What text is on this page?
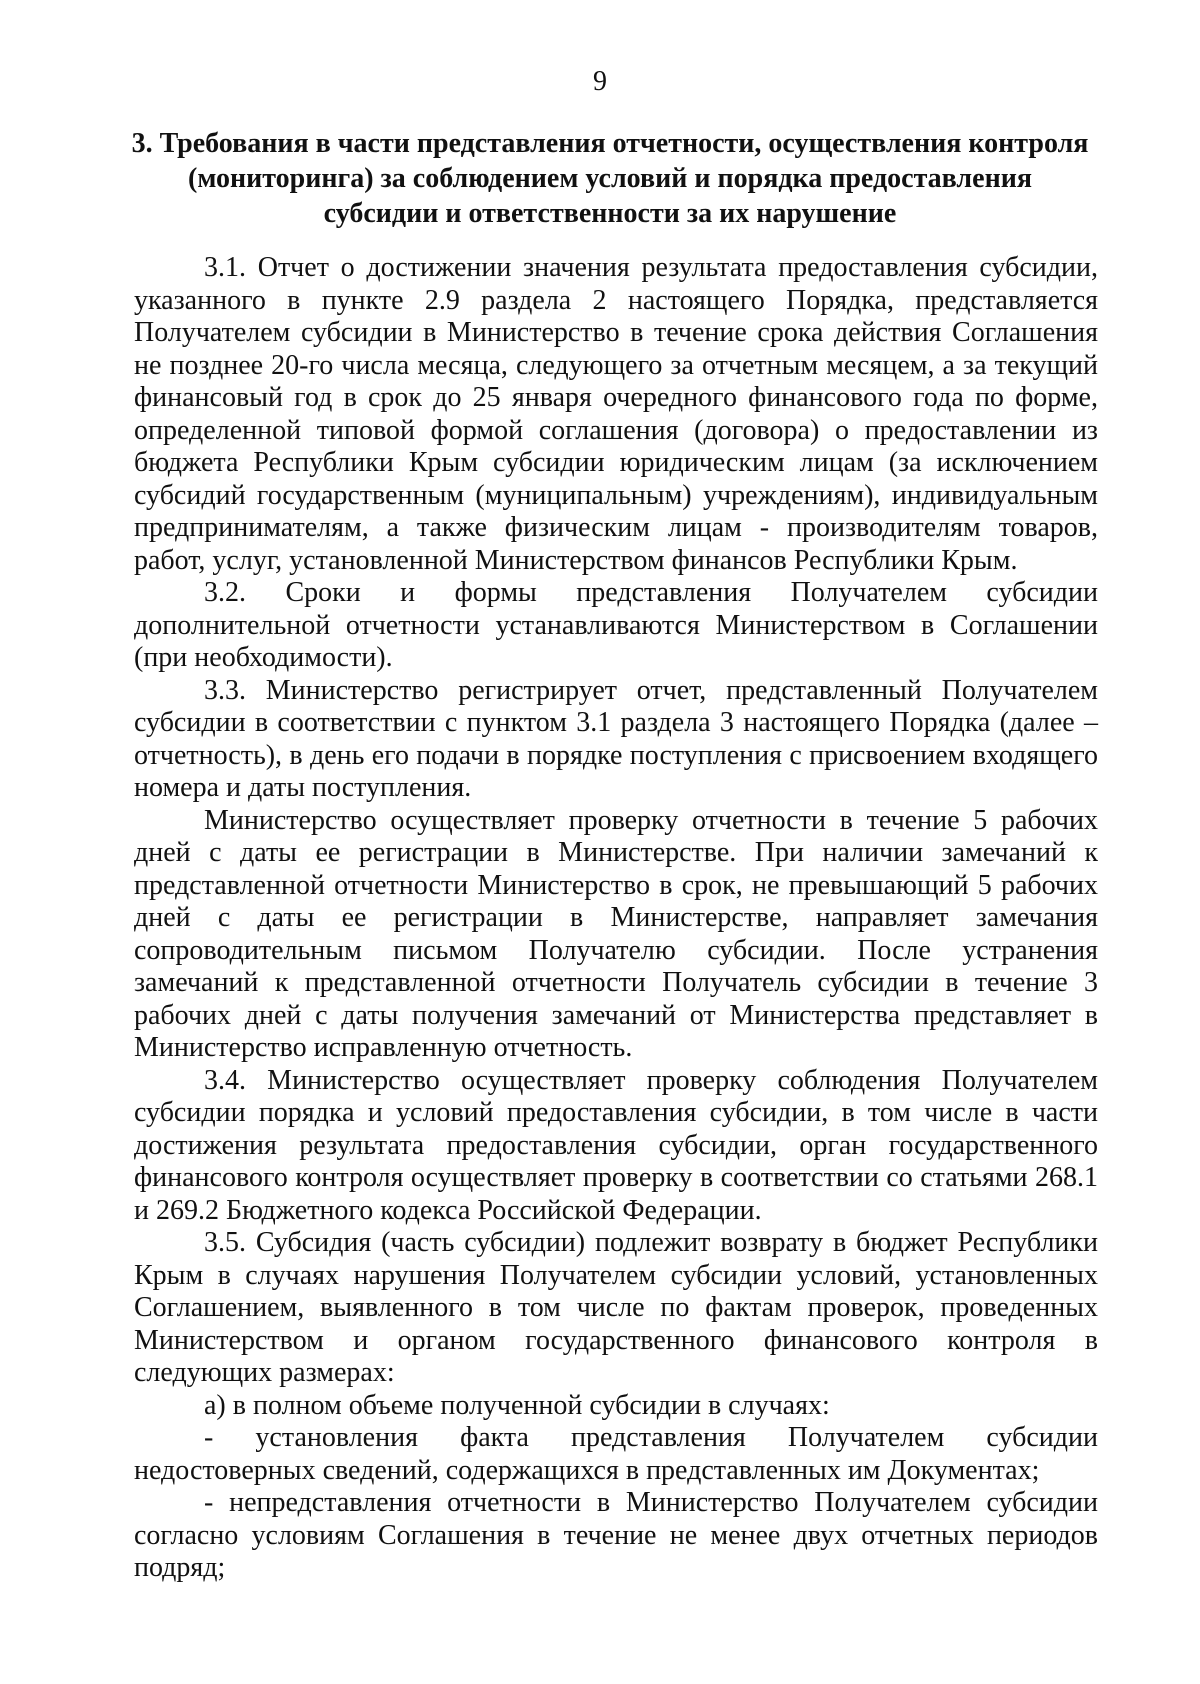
9
3. Требования в части представления отчетности, осуществления контроля
(мониторинга) за соблюдением условий и порядка предоставления
субсидии и ответственности за их нарушение

3.1. Отчет о достижении значения результата предоставления субсидии, указанного в пункте 2.9 раздела 2 настоящего Порядка, представляется Получателем субсидии в Министерство в течение срока действия Соглашения не позднее 20-го числа месяца, следующего за отчетным месяцем, а за текущий финансовый год в срок до 25 января очередного финансового года по форме, определенной типовой формой соглашения (договора) о предоставлении из бюджета Республики Крым субсидии юридическим лицам (за исключением субсидий государственным (муниципальным) учреждениям), индивидуальным предпринимателям, а также физическим лицам - производителям товаров, работ, услуг, установленной Министерством финансов Республики Крым.

3.2. Сроки и формы представления Получателем субсидии дополнительной отчетности устанавливаются Министерством в Соглашении (при необходимости).

3.3. Министерство регистрирует отчет, представленный Получателем субсидии в соответствии с пунктом 3.1 раздела 3 настоящего Порядка (далее – отчетность), в день его подачи в порядке поступления с присвоением входящего номера и даты поступления.

Министерство осуществляет проверку отчетности в течение 5 рабочих дней с даты ее регистрации в Министерстве. При наличии замечаний к представленной отчетности Министерство в срок, не превышающий 5 рабочих дней с даты ее регистрации в Министерстве, направляет замечания сопроводительным письмом Получателю субсидии. После устранения замечаний к представленной отчетности Получатель субсидии в течение 3 рабочих дней с даты получения замечаний от Министерства представляет в Министерство исправленную отчетность.

3.4. Министерство осуществляет проверку соблюдения Получателем субсидии порядка и условий предоставления субсидии, в том числе в части достижения результата предоставления субсидии, орган государственного финансового контроля осуществляет проверку в соответствии со статьями 268.1 и 269.2 Бюджетного кодекса Российской Федерации.

3.5. Субсидия (часть субсидии) подлежит возврату в бюджет Республики Крым в случаях нарушения Получателем субсидии условий, установленных Соглашением, выявленного в том числе по фактам проверок, проведенных Министерством и органом государственного финансового контроля в следующих размерах:

а) в полном объеме полученной субсидии в случаях:

- установления факта представления Получателем субсидии недостоверных сведений, содержащихся в представленных им Документах;

- непредставления отчетности в Министерство Получателем субсидии согласно условиям Соглашения в течение не менее двух отчетных периодов подряд;
